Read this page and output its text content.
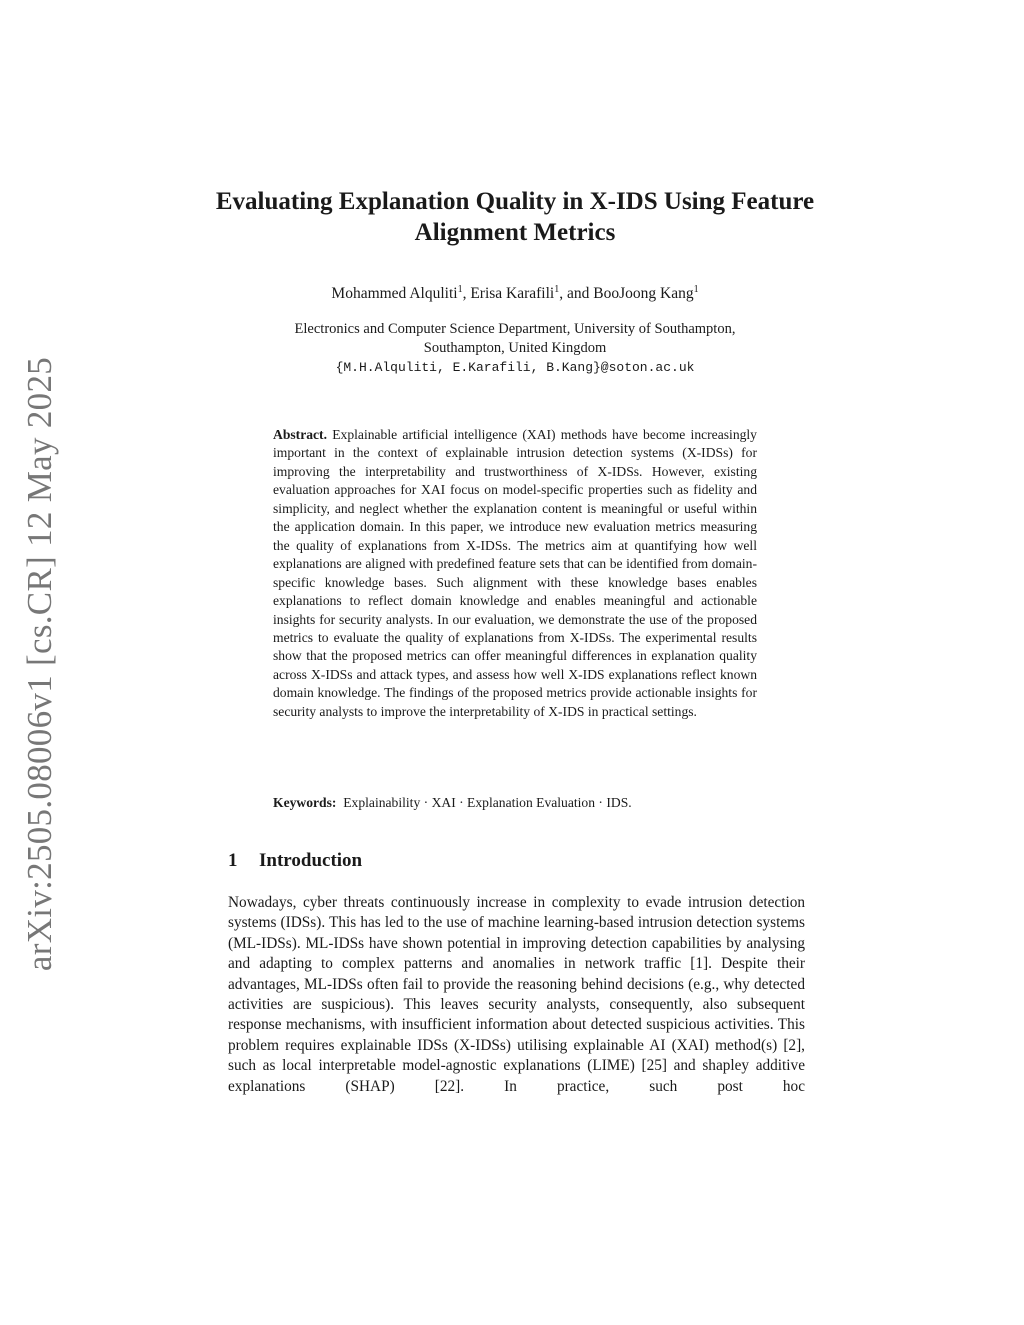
arXiv:2505.08006v1 [cs.CR] 12 May 2025
Evaluating Explanation Quality in X-IDS Using Feature Alignment Metrics
Mohammed Alquliti$^1$, Erisa Karafili$^1$, and BooJoong Kang$^1$
Electronics and Computer Science Department, University of Southampton,
Southampton, United Kingdom
{M.H.Alquliti, E.Karafili, B.Kang}@soton.ac.uk

Abstract. Explainable artificial intelligence (XAI) methods have become increasingly important in the context of explainable intrusion detection systems (X-IDSs) for improving the interpretability and trustworthiness of X-IDSs. However, existing evaluation approaches for XAI focus on model-specific properties such as fidelity and simplicity, and neglect whether the explanation content is meaningful or useful within the application domain. In this paper, we introduce new evaluation metrics measuring the quality of explanations from X-IDSs. The metrics aim at quantifying how well explanations are aligned with predefined feature sets that can be identified from domain-specific knowledge bases. Such alignment with these knowledge bases enables explanations to reflect domain knowledge and enables meaningful and actionable insights for security analysts. In our evaluation, we demonstrate the use of the proposed metrics to evaluate the quality of explanations from X-IDSs. The experimental results show that the proposed metrics can offer meaningful differences in explanation quality across X-IDSs and attack types, and assess how well X-IDS explanations reflect known domain knowledge. The findings of the proposed metrics provide actionable insights for security analysts to improve the interpretability of X-IDS in practical settings.

Keywords: Explainability · XAI · Explanation Evaluation · IDS.
1 Introduction

Nowadays, cyber threats continuously increase in complexity to evade intrusion detection systems (IDSs). This has led to the use of machine learning-based intrusion detection systems (ML-IDSs). ML-IDSs have shown potential in improving detection capabilities by analysing and adapting to complex patterns and anomalies in network traffic [1]. Despite their advantages, ML-IDSs often fail to provide the reasoning behind decisions (e.g., why detected activities are suspicious). This leaves security analysts, consequently, also subsequent response mechanisms, with insufficient information about detected suspicious activities. This problem requires explainable IDSs (X-IDSs) utilising explainable AI (XAI) method(s) [2], such as local interpretable model-agnostic explanations (LIME) [25] and shapley additive explanations (SHAP) [22]. In practice, such post hoc
